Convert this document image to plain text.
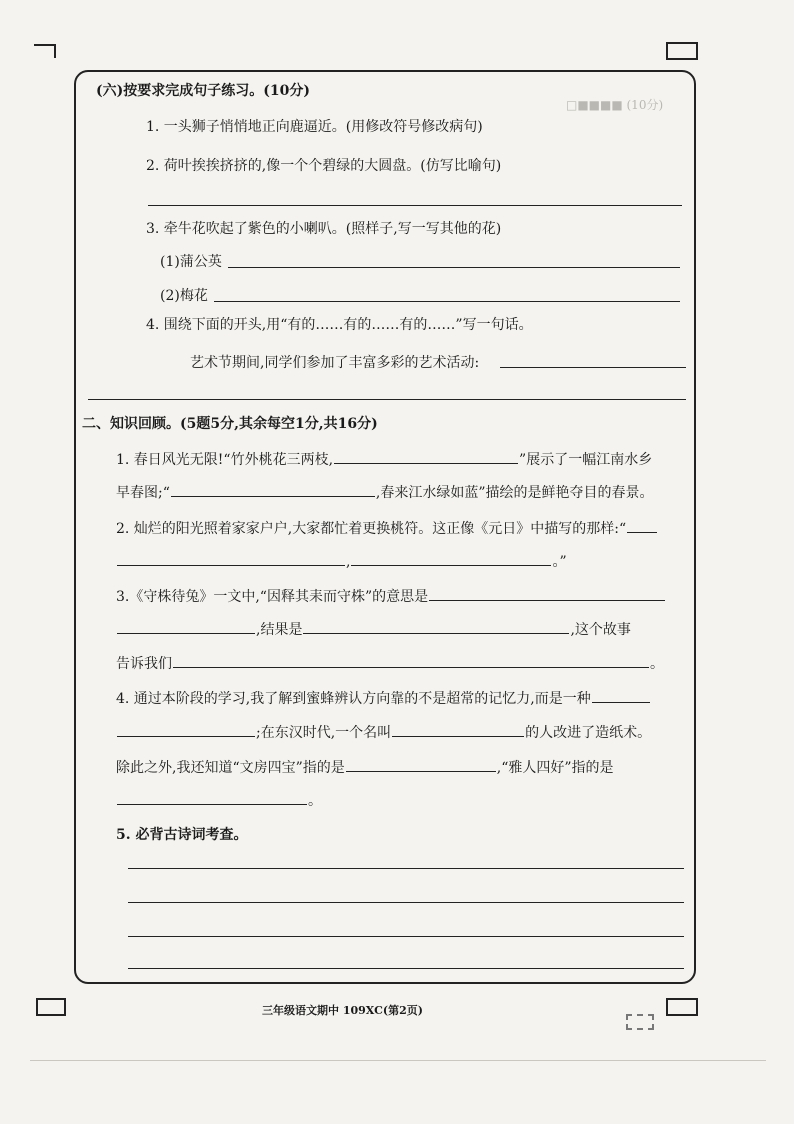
□■■■■ (10分)
(六)按要求完成句子练习。(10分)
1. 一头狮子悄悄地正向鹿逼近。(用修改符号修改病句)
2. 荷叶挨挨挤挤的,像一个个碧绿的大圆盘。(仿写比喻句)
3. 牵牛花吹起了紫色的小喇叭。(照样子,写一写其他的花)
(1)蒲公英
(2)梅花
4. 围绕下面的开头,用“有的……有的……有的……”写一句话。
艺术节期间,同学们参加了丰富多彩的艺术活动:
二、知识回顾。(5题5分,其余每空1分,共16分)
1. 春日风光无限!“竹外桃花三两枝,	”展示了一幅江南水乡
早春图;“	,春来江水绿如蓝”描绘的是鲜艳夺目的春景。
2. 灿烂的阳光照着家家户户,大家都忙着更换桃符。这正像《元日》中描写的那样:“
,	。”
3.《守株待兔》一文中,“因释其耒而守株”的意思是
,结果是	,这个故事
告诉我们	。
4. 通过本阶段的学习,我了解到蜜蜂辨认方向靠的不是超常的记忆力,而是一种
;在东汉时代,一个名叫	的人改进了造纸术。
除此之外,我还知道“文房四宝”指的是	,“雅人四好”指的是
。
5. 必背古诗词考查。
三年级语文期中 109XC(第2页)
